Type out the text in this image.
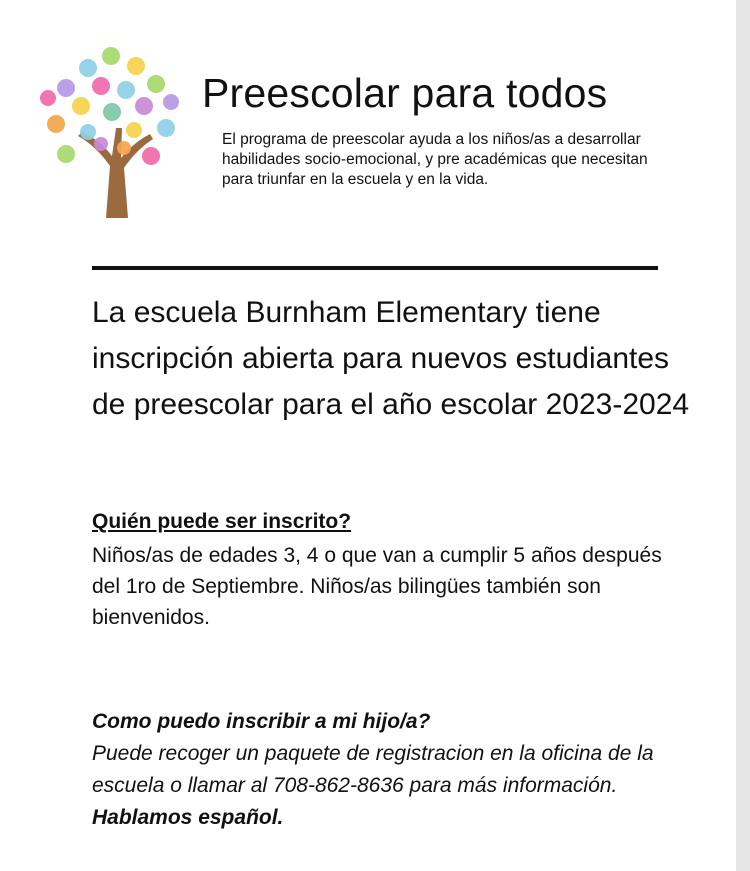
Preescolar para todos
El programa de preescolar ayuda a los niños/as a desarrollar habilidades socio-emocional, y pre académicas que necesitan para triunfar en la escuela y en la vida.
La escuela Burnham Elementary tiene inscripción abierta para nuevos estudiantes de preescolar para el año escolar 2023-2024
Quién puede ser inscrito?
Niños/as de edades 3, 4 o que van a cumplir 5 años después del 1ro de Septiembre. Niños/as bilingües también son bienvenidos.
Como puedo inscribir a mi hijo/a?
Puede recoger un paquete de registracion en la oficina de la escuela o llamar al 708-862-8636 para más información. Hablamos español.
